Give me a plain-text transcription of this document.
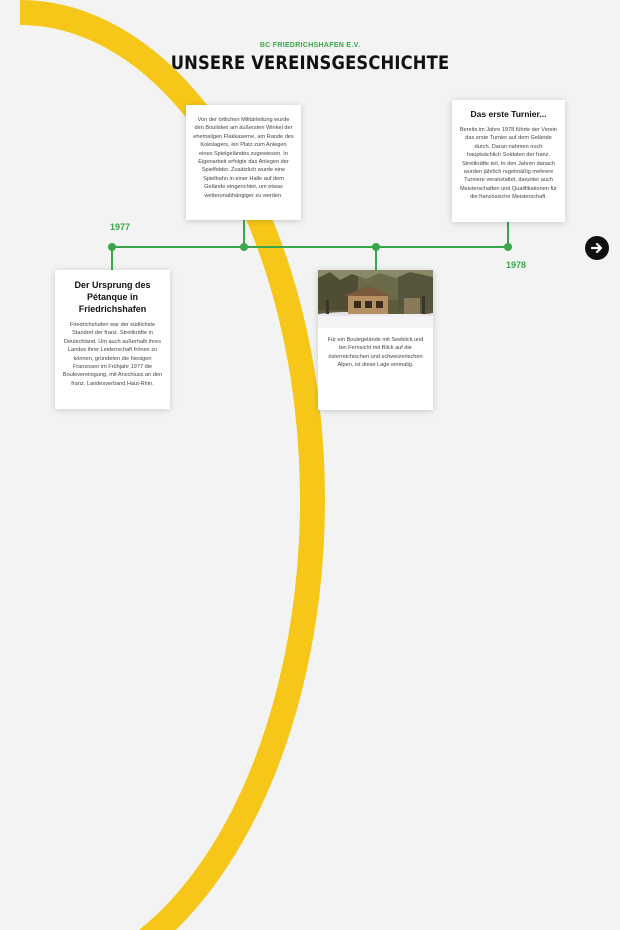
BC FRIEDRICHSHAFEN E.V.
UNSERE VEREINSGESCHICHTE
1977
1978
Der Ursprung des Pétanque in Friedrichshafen
Friedrichshafen war der südlichste Standort der franz. Streitkräfte in Deutschland. Um auch außerhalb ihres Landes ihrer Leidenschaft frönen zu können, gründeten die hiesigen Franzosen im Frühjahr 1977 die Boulevereinigung, mit Anschluss an den franz. Landesverband Haut-Rhin.
Von der örtlichen Militärleitung wurde den Boulisten am äußersten Winkel der ehemaligen Flakkaserne, am Rande des Kokslagers, ein Platz zum Anlegen eines Spielgeländes zugewiesen. In Eigenarbeit erfolgte das Anlegen der Spielfelder. Zusätzlich wurde eine Spielbahn in einer Halle auf dem Gelände eingerichtet, um etwas wetterunabhängiger zu werden.
Für ein Boulegelände mit Seeblick und bei Fernsicht mit Blick auf die österreichischen und schweizerischen Alpen, ist diese Lage einmalig.
Das erste Turnier...
Bereits im Jahre 1978 führte der Verein das erste Turnier auf dem Gelände durch. Daran nahmen noch hauptsächlich Soldaten der franz. Streitkräfte teil. In den Jahren danach wurden jährlich regelmäßig mehrere Turniere veranstaltet, darunter auch Meisterschaften und Qualifikationen für die französische Meisterschaft.
